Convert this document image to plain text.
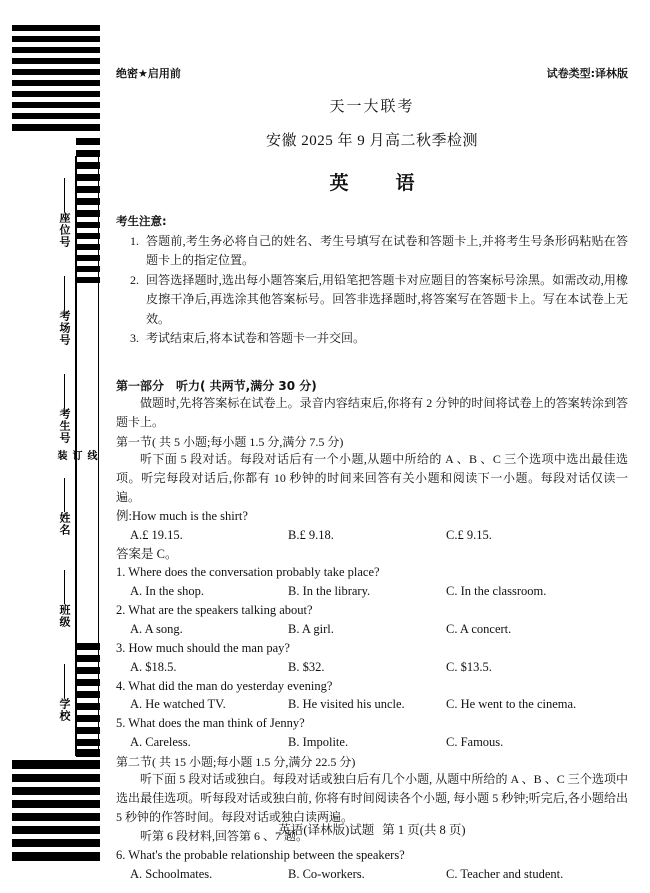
座位号
考场号
考生号
姓名
班级
学校
线
订
装
绝密★启用前	试卷类型:译林版
天一大联考
安徽 2025 年 9 月高二秋季检测
英　语
考生注意:
1. 答题前,考生务必将自己的姓名、考生号填写在试卷和答题卡上,并将考生号条形码粘贴在答题卡上的指定位置。
2. 回答选择题时,选出每小题答案后,用铅笔把答题卡对应题目的答案标号涂黑。如需改动,用橡皮擦干净后,再选涂其他答案标号。回答非选择题时,将答案写在答题卡上。写在本试卷上无效。
3. 考试结束后,将本试卷和答题卡一并交回。
第一部分 听力( 共两节,满分 30 分)

做题时,先将答案标在试卷上。录音内容结束后,你将有 2 分钟的时间将试卷上的答案转涂到答题卡上。

第一节( 共 5 小题;每小题 1.5 分,满分 7.5 分)

听下面 5 段对话。每段对话后有一个小题,从题中所给的 A 、B 、C 三个选项中选出最佳选项。听完每段对话后,你都有 10 秒钟的时间来回答有关小题和阅读下一小题。每段对话仅读一遍。

例:How much is the shirt?
A.£ 19.15.	B.£ 9.18.	C.£ 9.15.
答案是 C。
1. Where does the conversation probably take place?
A. In the shop.	B. In the library.	C. In the classroom.
2. What are the speakers talking about?
A. A song.	B. A girl.	C. A concert.
3. How much should the man pay?
A. $18.5.	B. $32.	C. $13.5.
4. What did the man do yesterday evening?
A. He watched TV.	B. He visited his uncle.	C. He went to the cinema.
5. What does the man think of Jenny?
A. Careless.	B. Impolite.	C. Famous.
第二节( 共 15 小题;每小题 1.5 分,满分 22.5 分)

听下面 5 段对话或独白。每段对话或独白后有几个小题, 从题中所给的 A 、B 、C 三个选项中选出最佳选项。听每段对话或独白前, 你将有时间阅读各个小题, 每小题 5 秒钟;听完后,各小题给出 5 秒钟的作答时间。每段对话或独白读两遍。

听第 6 段材料,回答第 6 、7 题。

6. What's the probable relationship between the speakers?
A. Schoolmates.	B. Co-workers.	C. Teacher and student.
英语(译林版)试题 第 1 页(共 8 页)
